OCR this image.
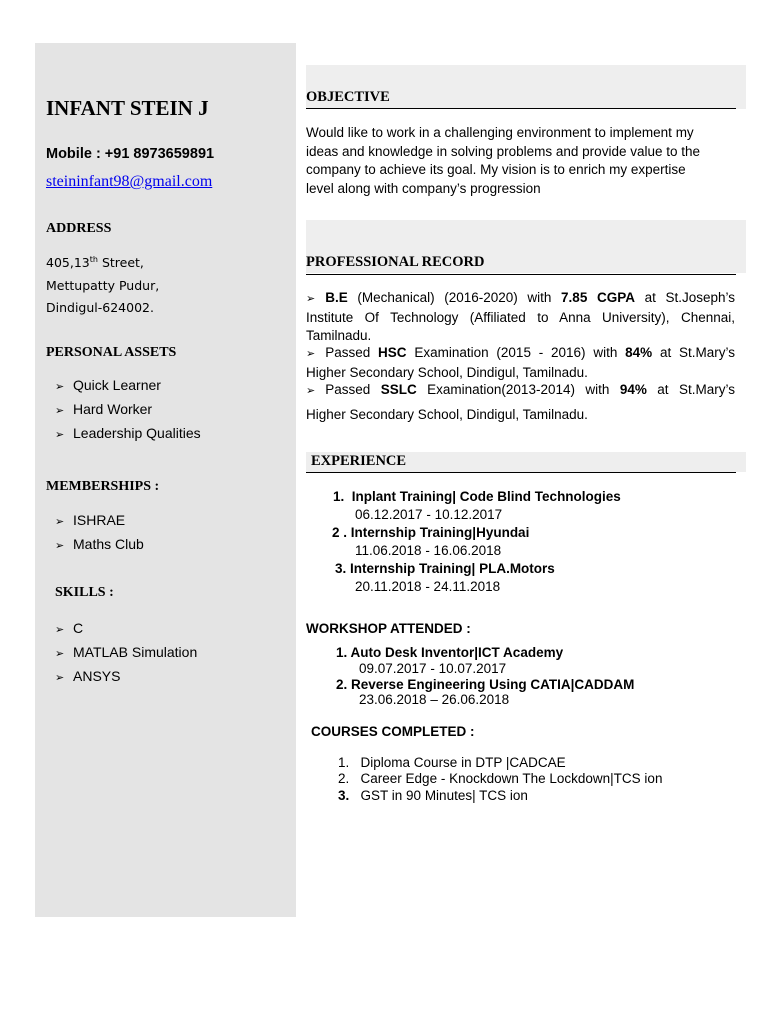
INFANT STEIN J
Mobile : +91 8973659891
steininfant98@gmail.com
ADDRESS
405,13th Street,
Mettupatty Pudur,
Dindigul-624002.
PERSONAL ASSETS
➢ Quick Learner
➢ Hard Worker
➢ Leadership Qualities
MEMBERSHIPS :
➢ ISHRAE
➢ Maths Club
SKILLS :
➢ C
➢ MATLAB Simulation
➢ ANSYS
OBJECTIVE
Would like to work in a challenging environment to implement my
ideas and knowledge in solving problems and provide value to the
company to achieve its goal. My vision is to enrich my expertise
level along with company’s progression
PROFESSIONAL RECORD
➢ B.E (Mechanical) (2016-2020) with 7.85 CGPA at St.Joseph’s Institute Of Technology (Affiliated to Anna University), Chennai, Tamilnadu.
➢ Passed HSC Examination (2015 - 2016) with 84% at St.Mary’s Higher Secondary School, Dindigul, Tamilnadu.
➢ Passed SSLC Examination(2013-2014) with 94% at St.Mary’s
Higher Secondary School, Dindigul, Tamilnadu.
EXPERIENCE
1. Inplant Training| Code Blind Technologies
06.12.2017 - 10.12.2017
2 . Internship Training|Hyundai
11.06.2018 - 16.06.2018
3. Internship Training| PLA.Motors
20.11.2018 - 24.11.2018
WORKSHOP ATTENDED :
1. Auto Desk Inventor|ICT Academy
09.07.2017 - 10.07.2017
2. Reverse Engineering Using CATIA|CADDAM
23.06.2018 – 26.06.2018
COURSES COMPLETED :
1. Diploma Course in DTP |CADCAE
2. Career Edge - Knockdown The Lockdown|TCS ion
3. GST in 90 Minutes| TCS ion
